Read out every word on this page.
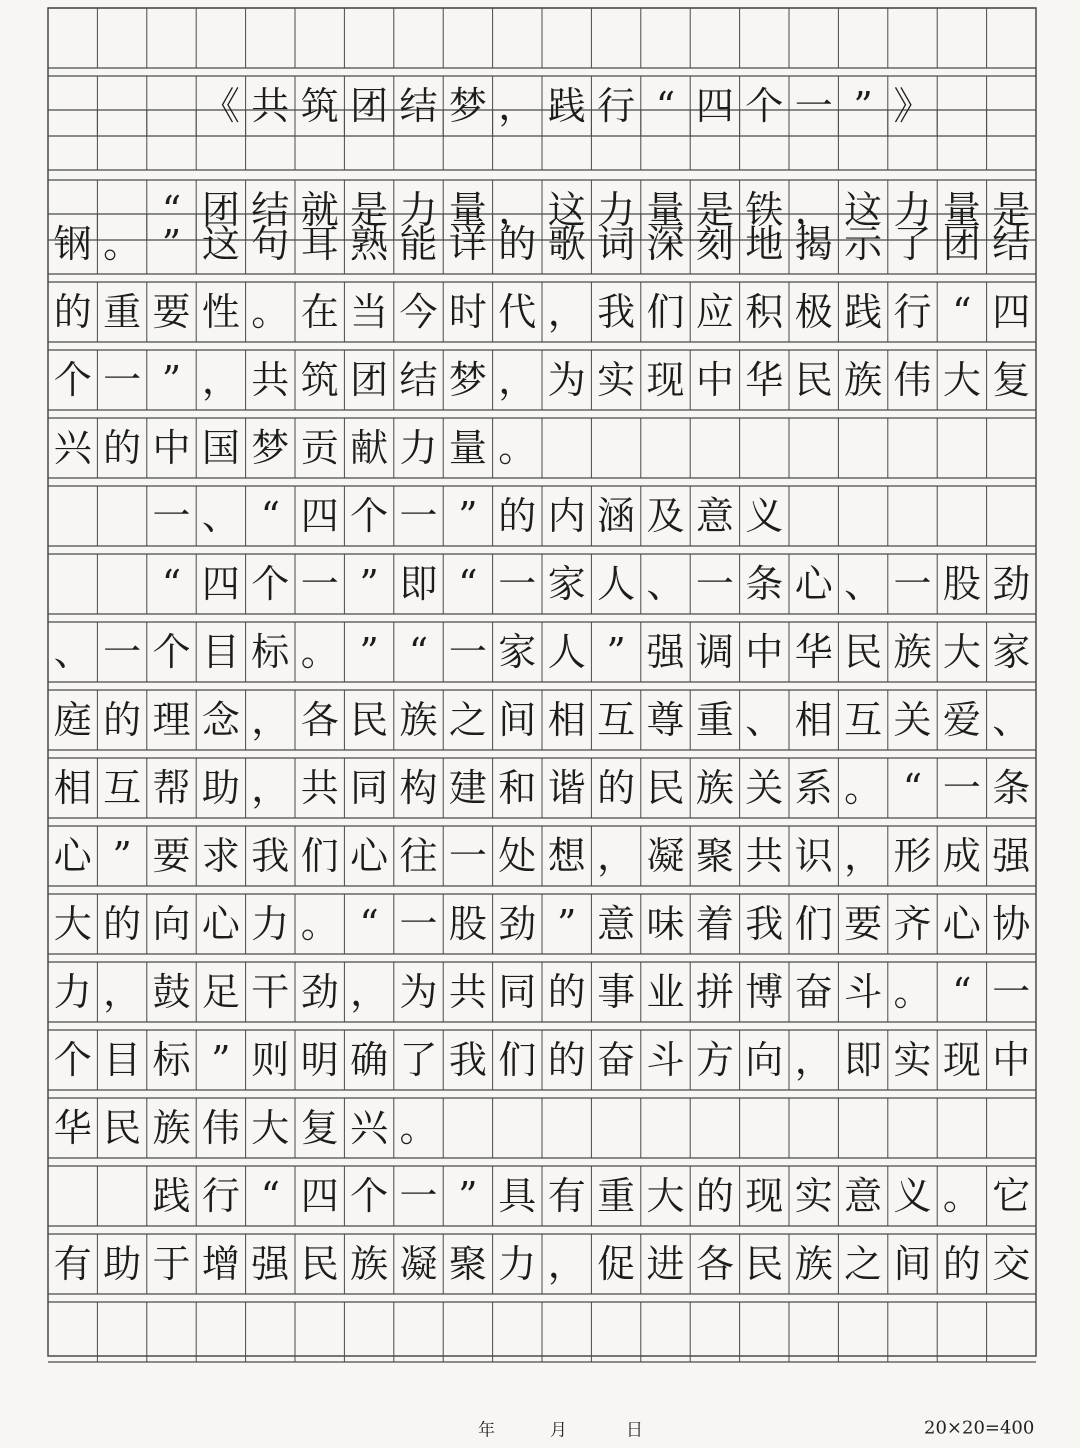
《 共 筑 团 结 梦 ， 践 行 “ 四 个 一 ” 》
“ 团 结 就 是 力 量 ， 这 力 量 是 铁 ， 这 力 量 是
钢 。 ” 这 句 耳 熟 能 详 的 歌 词 深 刻 地 揭 示 了 团 结
的 重 要 性 。 在 当 今 时 代 ， 我 们 应 积 极 践 行 “ 四
个 一 ” ， 共 筑 团 结 梦 ， 为 实 现 中 华 民 族 伟 大 复
兴 的 中 国 梦 贡 献 力 量 。
一 、 “ 四 个 一 ” 的 内 涵 及 意 义
“ 四 个 一 ” 即 “ 一 家 人 、 一 条 心 、 一 股 劲
、 一 个 目 标 。 ” “ 一 家 人 ” 强 调 中 华 民 族 大 家
庭 的 理 念 ， 各 民 族 之 间 相 互 尊 重 、 相 互 关 爱 、
相 互 帮 助 ， 共 同 构 建 和 谐 的 民 族 关 系 。 “ 一 条
心 ” 要 求 我 们 心 往 一 处 想 ， 凝 聚 共 识 ， 形 成 强
大 的 向 心 力 。 “ 一 股 劲 ” 意 味 着 我 们 要 齐 心 协
力 ， 鼓 足 干 劲 ， 为 共 同 的 事 业 拼 博 奋 斗 。 “ 一
个 目 标 ” 则 明 确 了 我 们 的 奋 斗 方 向 ， 即 实 现 中
华 民 族 伟 大 复 兴 。
践 行 “ 四 个 一 ” 具 有 重 大 的 现 实 意 义 。 它
有 助 于 增 强 民 族 凝 聚 力 ， 促 进 各 民 族 之 间 的 交
年	月	日	20×20=400
